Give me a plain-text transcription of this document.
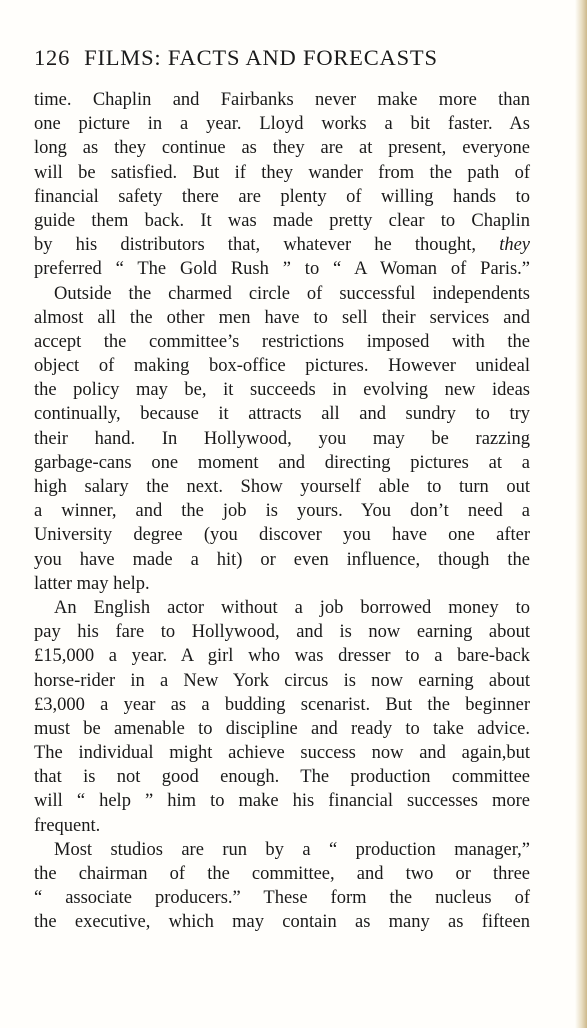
126 FILMS: FACTS AND FORECASTS
time. Chaplin and Fairbanks never make more than
one picture in a year. Lloyd works a bit faster. As
long as they continue as they are at present, everyone
will be satisfied. But if they wander from the path of
financial safety there are plenty of willing hands to
guide them back. It was made pretty clear to Chaplin
by his distributors that, whatever he thought, they
preferred “ The Gold Rush ” to “ A Woman of Paris.”
Outside the charmed circle of successful independents
almost all the other men have to sell their services and
accept the committee’s restrictions imposed with the
object of making box-office pictures. However unideal
the policy may be, it succeeds in evolving new ideas
continually, because it attracts all and sundry to try
their hand. In Hollywood, you may be razzing
garbage-cans one moment and directing pictures at a
high salary the next. Show yourself able to turn out
a winner, and the job is yours. You don’t need a
University degree (you discover you have one after
you have made a hit) or even influence, though the
latter may help.
An English actor without a job borrowed money to
pay his fare to Hollywood, and is now earning about
£15,000 a year. A girl who was dresser to a bare-back
horse-rider in a New York circus is now earning about
£3,000 a year as a budding scenarist. But the beginner
must be amenable to discipline and ready to take advice.
The individual might achieve success now and again,but
that is not good enough. The production committee
will “ help ” him to make his financial successes more
frequent.
Most studios are run by a “ production manager,”
the chairman of the committee, and two or three
“ associate producers.” These form the nucleus of
the executive, which may contain as many as fifteen
